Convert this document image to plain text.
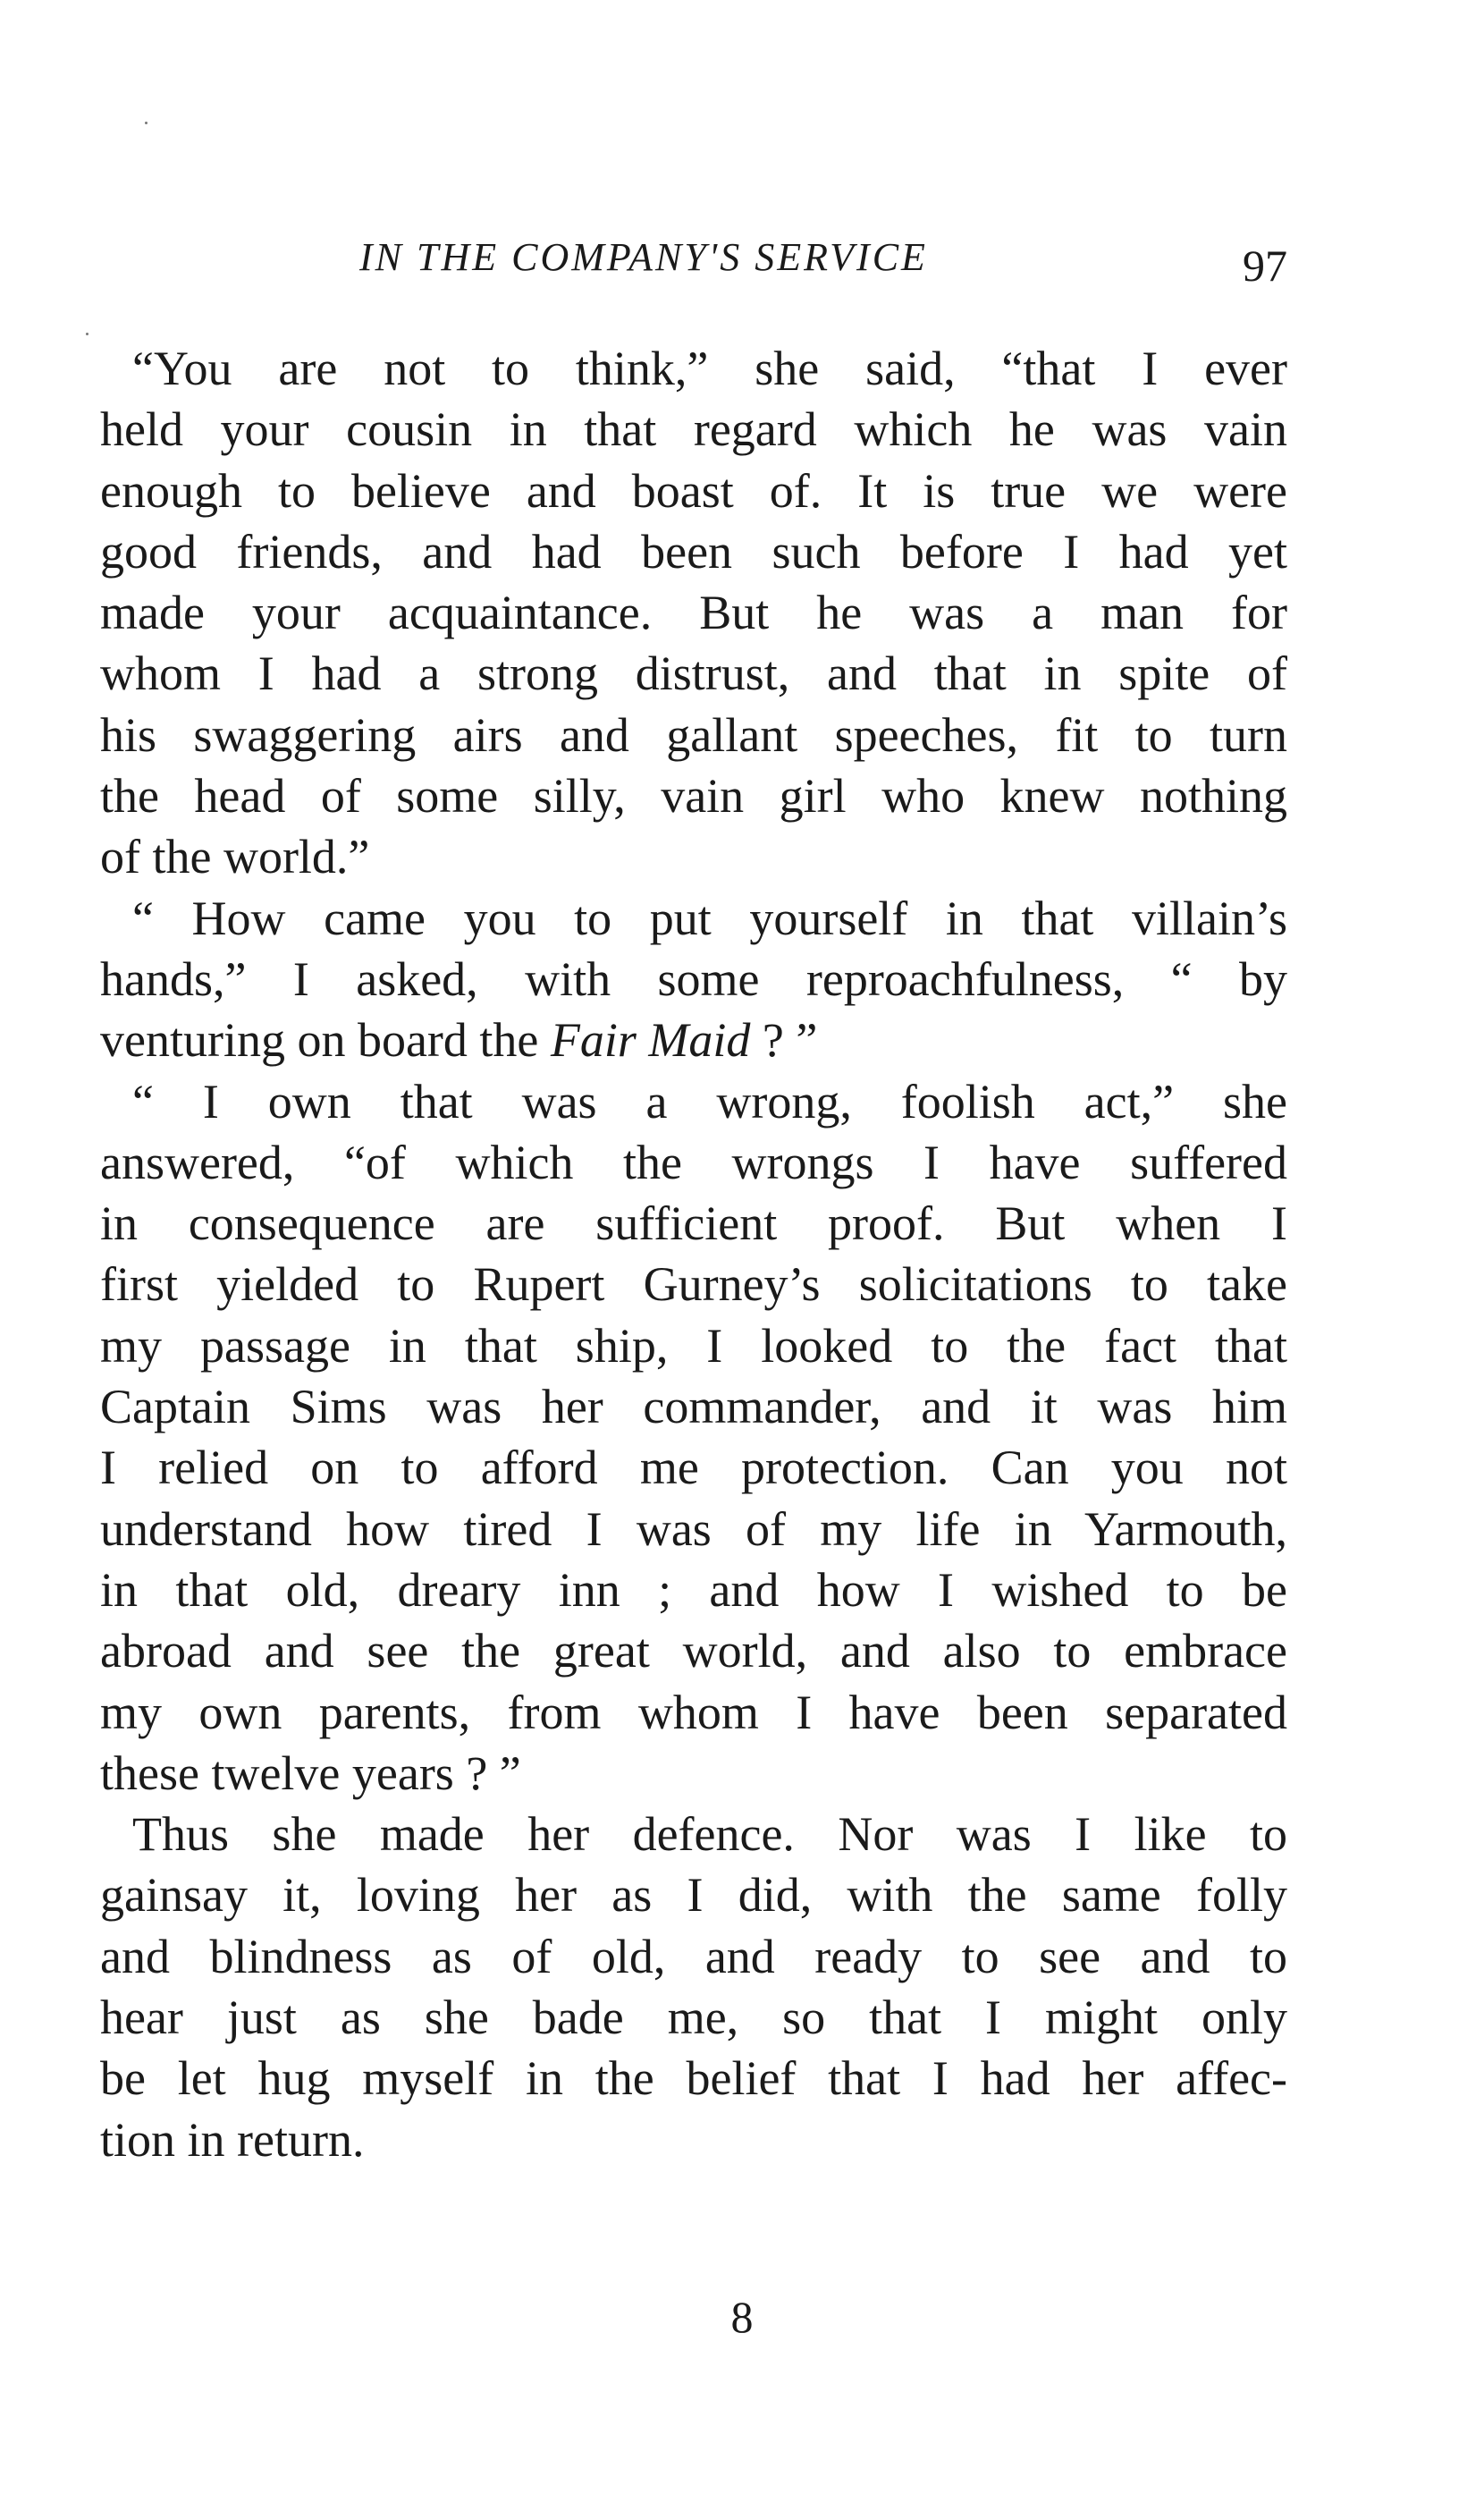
IN THE COMPANY'S SERVICE	97
“You are not to think,” she said, “that I ever
held your cousin in that regard which he was vain
enough to believe and boast of. It is true we were
good friends, and had been such before I had yet
made your acquaintance. But he was a man for
whom I had a strong distrust, and that in spite of
his swaggering airs and gallant speeches, fit to turn
the head of some silly, vain girl who knew nothing
of the world.”
“ How came you to put yourself in that villain’s
hands,” I asked, with some reproachfulness, “ by
venturing on board the Fair Maid ? ”
“ I own that was a wrong, foolish act,” she
answered, “of which the wrongs I have suffered
in consequence are sufficient proof. But when I
first yielded to Rupert Gurney’s solicitations to take
my passage in that ship, I looked to the fact that
Captain Sims was her commander, and it was him
I relied on to afford me protection. Can you not
understand how tired I was of my life in Yarmouth,
in that old, dreary inn ; and how I wished to be
abroad and see the great world, and also to embrace
my own parents, from whom I have been separated
these twelve years ? ”
Thus she made her defence. Nor was I like to
gainsay it, loving her as I did, with the same folly
and blindness as of old, and ready to see and to
hear just as she bade me, so that I might only
be let hug myself in the belief that I had her affec-
tion in return.
8
